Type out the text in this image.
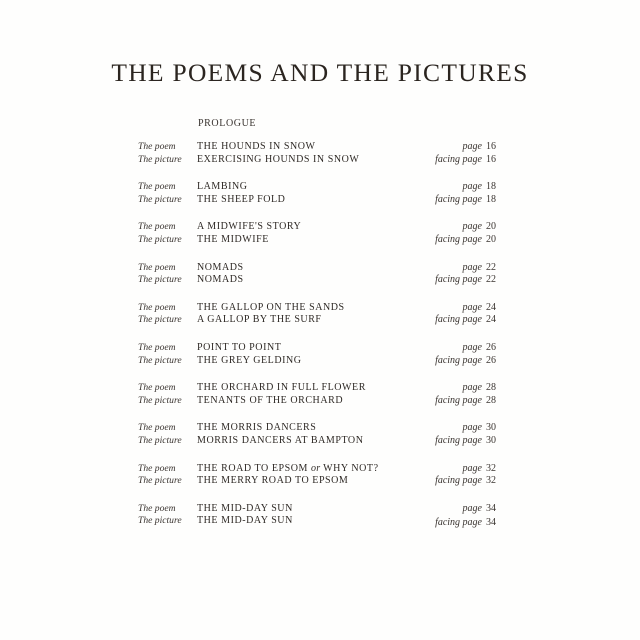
THE POEMS AND THE PICTURES
PROLOGUE
The poem	THE HOUNDS IN SNOW	page 16
The picture	EXERCISING HOUNDS IN SNOW	facing page 16
The poem	LAMBING	page 18
The picture	THE SHEEP FOLD	facing page 18
The poem	A MIDWIFE'S STORY	page 20
The picture	THE MIDWIFE	facing page 20
The poem	NOMADS	page 22
The picture	NOMADS	facing page 22
The poem	THE GALLOP ON THE SANDS	page 24
The picture	A GALLOP BY THE SURF	facing page 24
The poem	POINT TO POINT	page 26
The picture	THE GREY GELDING	facing page 26
The poem	THE ORCHARD IN FULL FLOWER	page 28
The picture	TENANTS OF THE ORCHARD	facing page 28
The poem	THE MORRIS DANCERS	page 30
The picture	MORRIS DANCERS AT BAMPTON	facing page 30
The poem	THE ROAD TO EPSOM or WHY NOT?	page 32
The picture	THE MERRY ROAD TO EPSOM	facing page 32
The poem	THE MID-DAY SUN	page 34
The picture	THE MID-DAY SUN	facing page 34
